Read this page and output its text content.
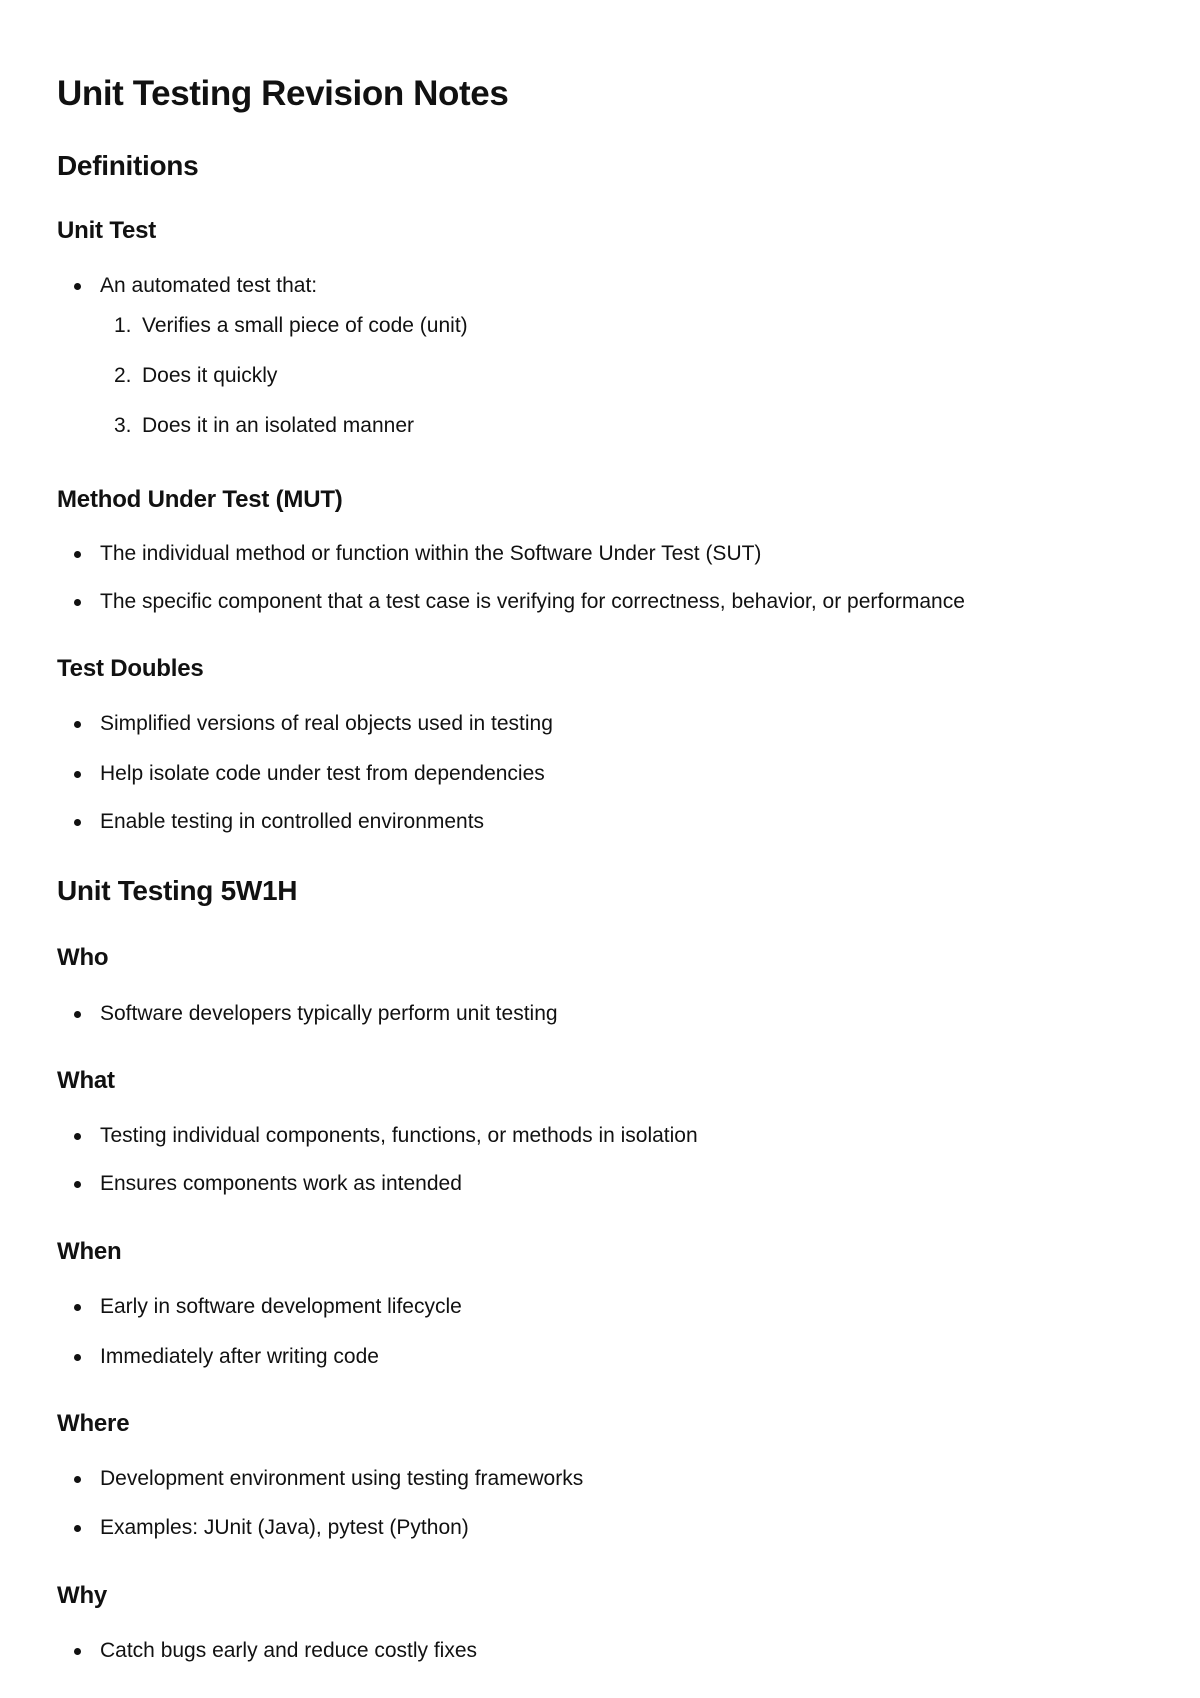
Unit Testing Revision Notes
Definitions
Unit Test
An automated test that:
1. Verifies a small piece of code (unit)
2. Does it quickly
3. Does it in an isolated manner
Method Under Test (MUT)
The individual method or function within the Software Under Test (SUT)
The specific component that a test case is verifying for correctness, behavior, or performance
Test Doubles
Simplified versions of real objects used in testing
Help isolate code under test from dependencies
Enable testing in controlled environments
Unit Testing 5W1H
Who
Software developers typically perform unit testing
What
Testing individual components, functions, or methods in isolation
Ensures components work as intended
When
Early in software development lifecycle
Immediately after writing code
Where
Development environment using testing frameworks
Examples: JUnit (Java), pytest (Python)
Why
Catch bugs early and reduce costly fixes
